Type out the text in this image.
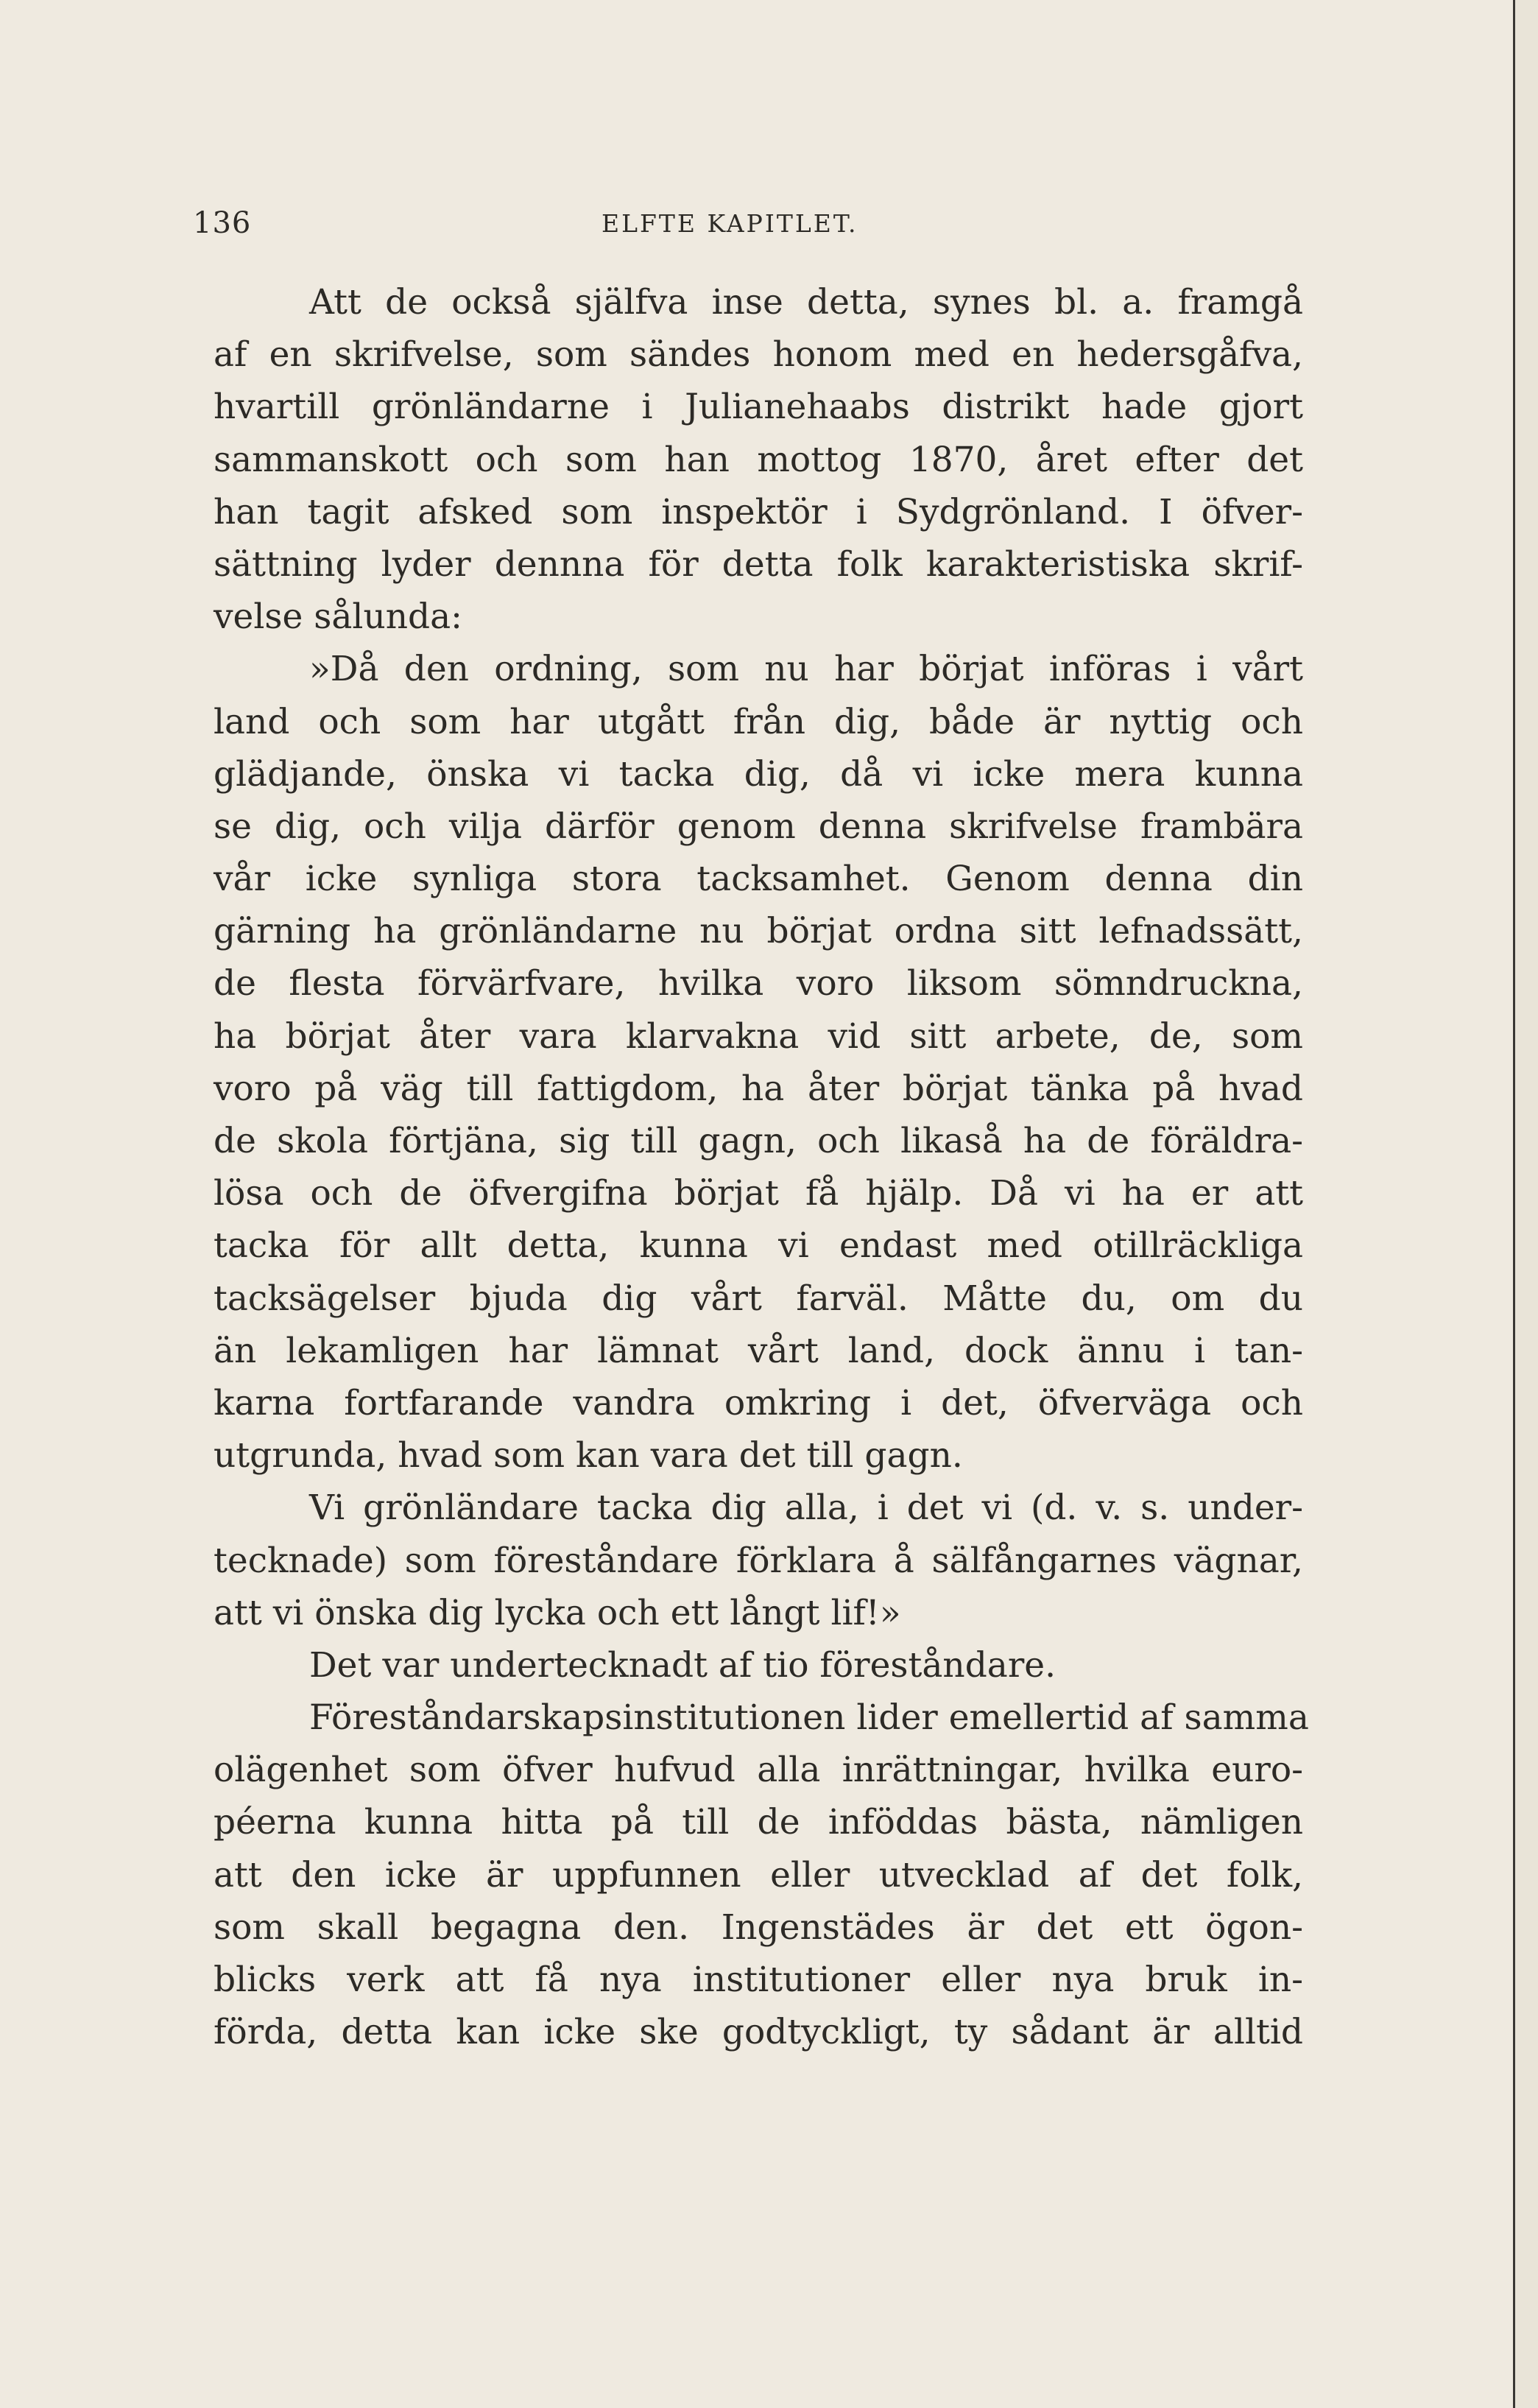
136	ELFTE KAPITLET.
Att de också själfva inse detta, synes bl. a. framgå
af en skrifvelse, som sändes honom med en hedersgåfva,
hvartill grönländarne i Julianehaabs distrikt hade gjort
sammanskott och som han mottog 1870, året efter det
han tagit afsked som inspektör i Sydgrönland. I öfver-
sättning lyder dennna för detta folk karakteristiska skrif-
velse sålunda:
»Då den ordning, som nu har börjat införas i vårt
land och som har utgått från dig, både är nyttig och
glädjande, önska vi tacka dig, då vi icke mera kunna
se dig, och vilja därför genom denna skrifvelse frambära
vår icke synliga stora tacksamhet. Genom denna din
gärning ha grönländarne nu börjat ordna sitt lefnadssätt,
de flesta förvärfvare, hvilka voro liksom sömndruckna,
ha börjat åter vara klarvakna vid sitt arbete, de, som
voro på väg till fattigdom, ha åter börjat tänka på hvad
de skola förtjäna, sig till gagn, och likaså ha de föräldra-
lösa och de öfvergifna börjat få hjälp. Då vi ha er att
tacka för allt detta, kunna vi endast med otillräckliga
tacksägelser bjuda dig vårt farväl. Måtte du, om du
än lekamligen har lämnat vårt land, dock ännu i tan-
karna fortfarande vandra omkring i det, öfverväga och
utgrunda, hvad som kan vara det till gagn.
Vi grönländare tacka dig alla, i det vi (d. v. s. under-
tecknade) som föreståndare förklara å sälfångarnes vägnar,
att vi önska dig lycka och ett långt lif!»
Det var undertecknadt af tio föreståndare.
Föreståndarskapsinstitutionen lider emellertid af samma
olägenhet som öfver hufvud alla inrättningar, hvilka euro-
péerna kunna hitta på till de inföddas bästa, nämligen
att den icke är uppfunnen eller utvecklad af det folk,
som skall begagna den. Ingenstädes är det ett ögon-
blicks verk att få nya institutioner eller nya bruk in-
förda, detta kan icke ske godtyckligt, ty sådant är alltid
